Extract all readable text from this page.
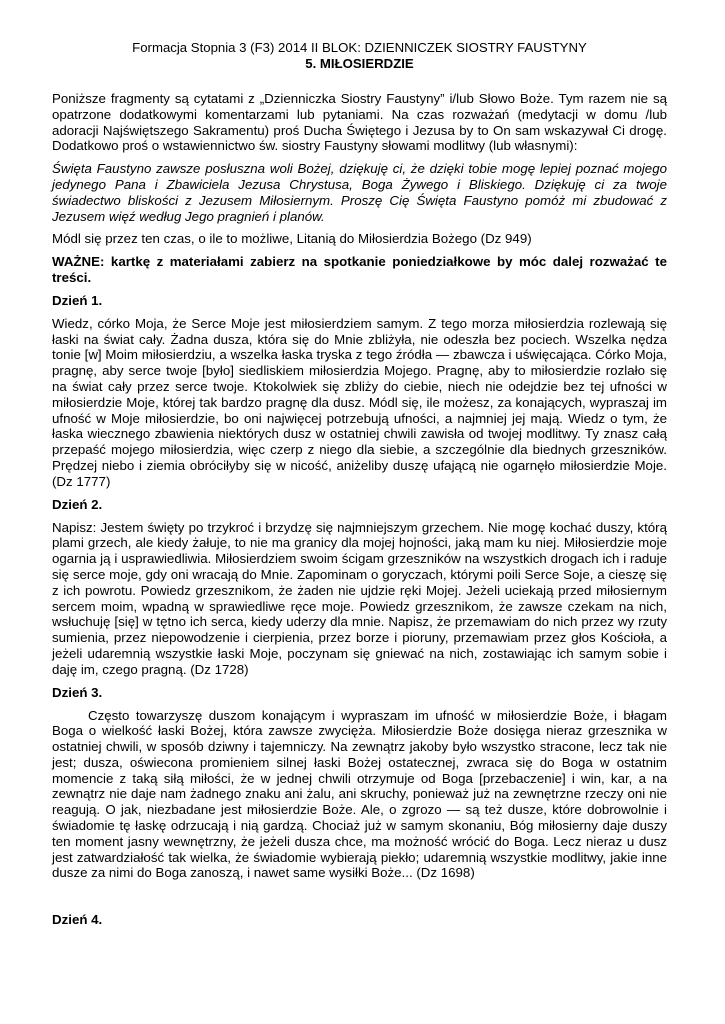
Formacja Stopnia 3 (F3) 2014 II BLOK: DZIENNICZEK SIOSTRY FAUSTYNY

5. MIŁOSIERDZIE

Poniższe fragmenty są cytatami z „Dzienniczka Siostry Faustyny” i/lub Słowo Boże. Tym razem nie są opatrzone dodatkowymi komentarzami lub pytaniami. Na czas rozważań (medytacji w domu /lub adoracji Najświętszego Sakramentu) proś Ducha Świętego i Jezusa by to On sam wskazywał Ci drogę. Dodatkowo proś o wstawiennictwo św. siostry Faustyny słowami modlitwy (lub własnymi):

Święta Faustyno zawsze posłuszna woli Bożej, dziękuję ci, że dzięki tobie mogę lepiej poznać mojego jedynego Pana i Zbawiciela Jezusa Chrystusa, Boga Żywego i Bliskiego. Dziękuję ci za twoje świadectwo bliskości z Jezusem Miłosiernym. Proszę Cię Święta Faustyno pomóż mi zbudować z Jezusem więź według Jego pragnień i planów.

Módl się przez ten czas, o ile to możliwe, Litanią do Miłosierdzia Bożego (Dz 949)

WAŻNE: kartkę z materiałami zabierz na spotkanie poniedziałkowe by móc dalej rozważać te treści.

Dzień 1.

Wiedz, córko Moja, że Serce Moje jest miłosierdziem samym. Z tego morza miłosierdzia rozlewają się łaski na świat cały. Żadna dusza, która się do Mnie zbliżyła, nie odeszła bez pociech. Wszelka nędza tonie [w] Moim miłosierdziu, a wszelka łaska tryska z tego źródła — zbawcza i uświęcająca. Córko Moja, pragnę, aby serce twoje [było] siedliskiem miłosierdzia Mojego. Pragnę, aby to miłosierdzie rozlało się na świat cały przez serce twoje. Ktokolwiek się zbliży do ciebie, niech nie odejdzie bez tej ufności w miłosierdzie Moje, której tak bardzo pragnę dla dusz. Módl się, ile możesz, za konających, wypraszaj im ufność w Moje miłosierdzie, bo oni najwięcej potrzebują ufności, a najmniej jej mają. Wiedz o tym, że łaska wiecznego zbawienia niektórych dusz w ostatniej chwili zawisła od twojej modlitwy. Ty znasz całą przepaść mojego miłosierdzia, więc czerp z niego dla siebie, a szczególnie dla biednych grzeszników. Prędzej niebo i ziemia obróciłyby się w nicość, aniżeliby duszę ufającą nie ogarnęło miłosierdzie Moje. (Dz 1777)

Dzień 2.

Napisz: Jestem święty po trzykroć i brzydzę się najmniejszym grzechem. Nie mogę kochać duszy, którą plami grzech, ale kiedy żałuje, to nie ma granicy dla mojej hojności, jaką mam ku niej. Miłosierdzie moje ogarnia ją i usprawiedliwia. Miłosierdziem swoim ścigam grzeszników na wszystkich drogach ich i raduje się serce moje, gdy oni wracają do Mnie. Zapominam o goryczach, którymi poili Serce Soje, a cieszę się z ich powrotu. Powiedz grzesznikom, że żaden nie ujdzie ręki Mojej. Jeżeli uciekają przed miłosiernym sercem moim, wpadną w sprawiedliwe ręce moje. Powiedz grzesznikom, że zawsze czekam na nich, wsłuchuję [się] w tętno ich serca, kiedy uderzy dla mnie. Napisz, że przemawiam do nich przez wy rzuty sumienia, przez niepowodzenie i cierpienia, przez borze i pioruny, przemawiam przez głos Kościoła, a jeżeli udaremnią wszystkie łaski Moje, poczynam się gniewać na nich, zostawiając ich samym sobie i daję im, czego pragną. (Dz 1728)

Dzień 3.

Często towarzyszę duszom konającym i wypraszam im ufność w miłosierdzie Boże, i błagam Boga o wielkość łaski Bożej, która zawsze zwycięża. Miłosierdzie Boże dosięga nieraz grzesznika w ostatniej chwili, w sposób dziwny i tajemniczy. Na zewnątrz jakoby było wszystko stracone, lecz tak nie jest; dusza, oświecona promieniem silnej łaski Bożej ostatecznej, zwraca się do Boga w ostatnim momencie z taką siłą miłości, że w jednej chwili otrzymuje od Boga [przebaczenie] i win, kar, a na zewnątrz nie daje nam żadnego znaku ani żalu, ani skruchy, ponieważ już na zewnętrzne rzeczy oni nie reagują. O jak, niezbadane jest miłosierdzie Boże. Ale, o zgrozo — są też dusze, które dobrowolnie i świadomie tę łaskę odrzucają i nią gardzą. Chociaż już w samym skonaniu, Bóg miłosierny daje duszy ten moment jasny wewnętrzny, że jeżeli dusza chce, ma możność wrócić do Boga. Lecz nieraz u dusz jest zatwardziałość tak wielka, że świadomie wybierają piekło; udaremnią wszystkie modlitwy, jakie inne dusze za nimi do Boga zanoszą, i nawet same wysiłki Boże... (Dz 1698)

Dzień 4.
